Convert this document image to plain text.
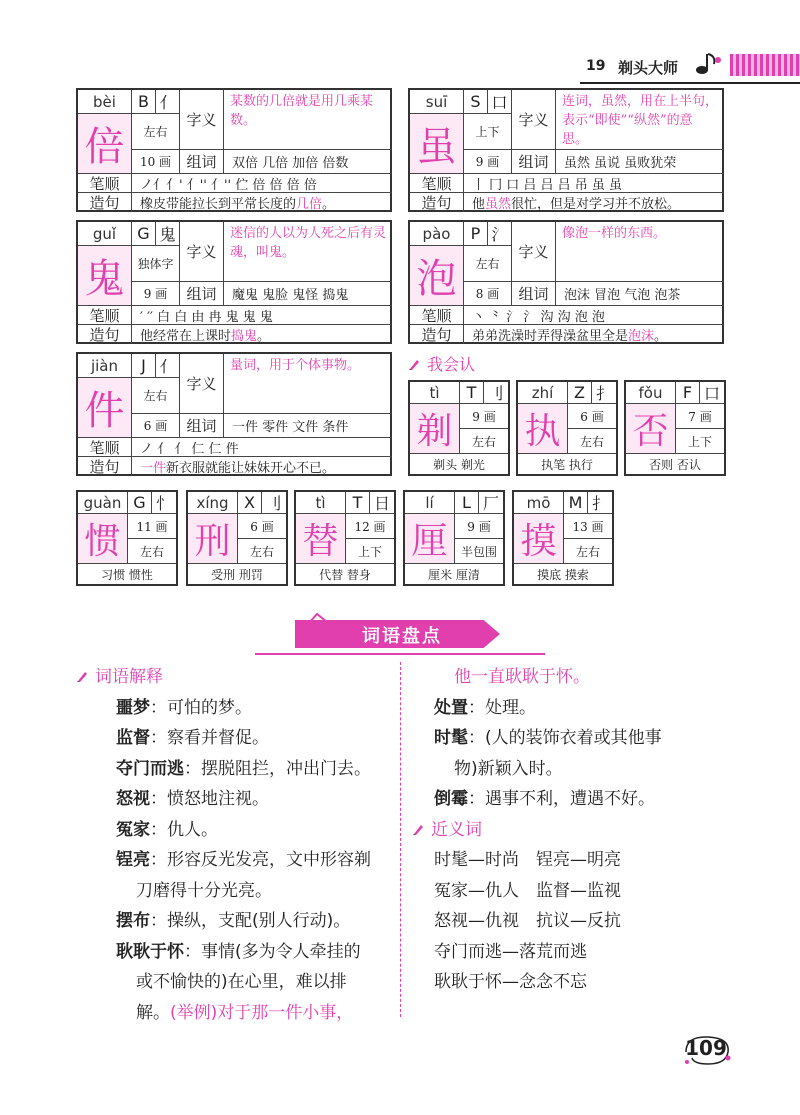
19 剃头大师
bèi	B 亻
倍	左右
10 画
字义
某数的几倍就是用几乘某数。
组词	双倍 几倍 加倍 倍数
笔顺	ノ亻亻' 亻'' 亻'' 伫 倍 倍 倍 倍
造句	橡皮带能拉长到平常长度的 几倍 。
suī	S 口
虽	上下
9 画
字义
连词，虽然，用在上半句，表示“即使”“纵然”的意思。
组词	虽然 虽说 虽败犹荣
笔顺	丨 冂 口 吕 吕 吕 吊 虽 虽
造句	他 虽然 很忙，但是对学习并不放松。
guǐ	G 鬼
鬼	独体字
9 画
字义
迷信的人以为人死之后有灵魂，叫鬼。
组词	魔鬼 鬼脸 鬼怪 捣鬼
笔顺	′ ′′ 白 白 由 冉 鬼 鬼 鬼
造句	他经常在上课时 捣鬼 。
pào	P 氵
泡	左右
8 画
字义
像泡一样的东西。
组词	泡沫 冒泡 气泡 泡茶
笔顺	丶 ⺀ 氵 氵 沟 沟 泡 泡
造句	弟弟洗澡时弄得澡盆里全是 泡沫 。
jiàn	J 亻
件	左右
6 画
字义
量词，用于个体事物。
组词	一件 零件 文件 条件
笔顺	ノ 亻 亻 仁 仁 件
造句	一件 新衣服就能让妹妹开心不已。
我会认
tì	T 刂
剃	9 画
左右
剃头 剃光
zhí	Z 扌
执	6 画
左右
执笔 执行
fǒu	F 口
否	7 画
上下
否则 否认
guàn G 忄
惯	11 画
左右
习惯 惯性
xíng X 刂
刑	6 画
左右
受刑 刑罚
tì	T 日
替	12 画
上下
代替 替身
lí	L 厂
厘	9 画
半包围
厘米 厘清
mō	M 扌
摸	13 画
左右
摸底 摸索
词语盘点
词语解释
噩梦：可怕的梦。
监督：察看并督促。
夺门而逃：摆脱阻拦，冲出门去。
怒视：愤怒地注视。
冤家：仇人。
锃亮：形容反光发亮，文中形容剃
刀磨得十分光亮。
摆布：操纵，支配(别人行动)。
耿耿于怀：事情(多为令人牵挂的
或不愉快的)在心里，难以排
解。(举例)对于那一件小事，
他一直耿耿于怀。
处置：处理。
时髦：(人的装饰衣着或其他事
物)新颖入时。
倒霉：遇事不利，遭遇不好。
近义词
时髦—时尚　锃亮—明亮
冤家—仇人　监督—监视
怒视—仇视　抗议—反抗
夺门而逃—落荒而逃
耿耿于怀—念念不忘
109
